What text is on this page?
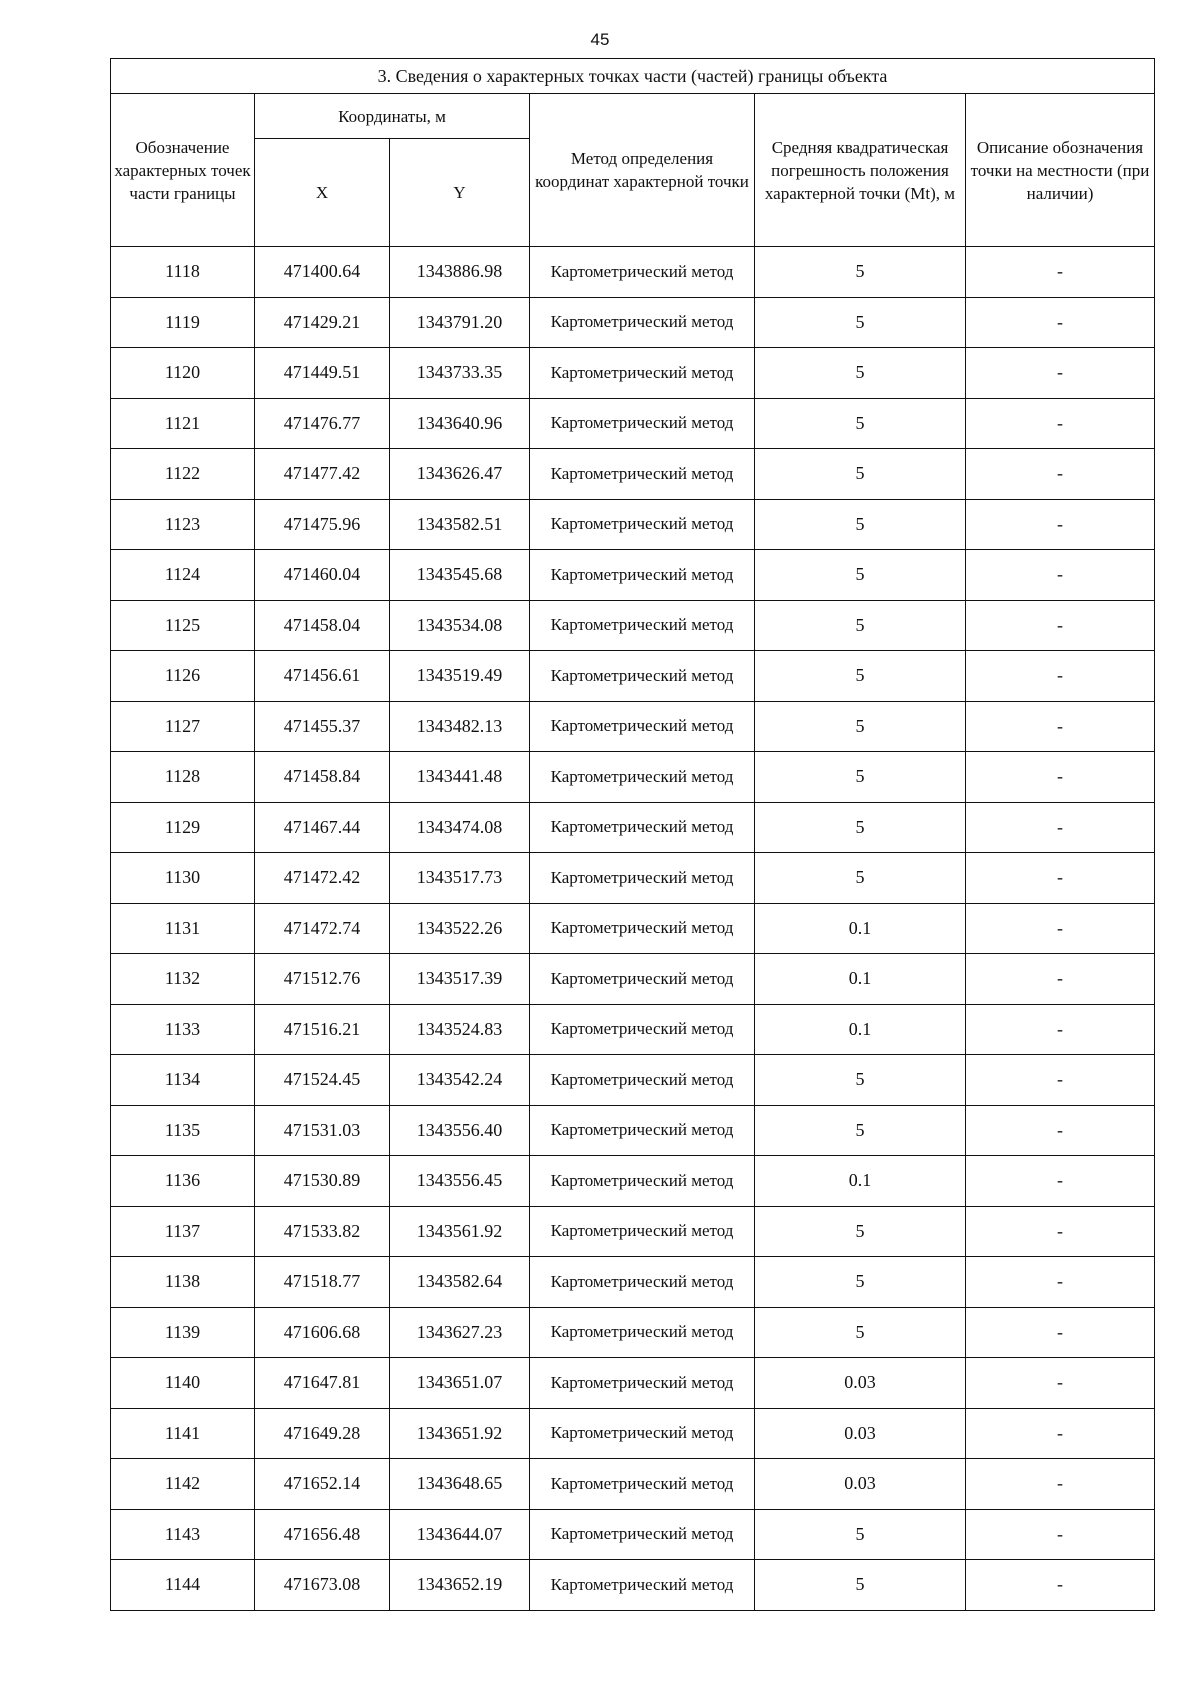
45
3. Сведения о характерных точках части (частей) границы объекта					
Обозначение характерных точек части границы	Координаты, м		Метод определения координат характерной точки	Средняя квадратическая погрешность положения характерной точки (Mt), м	Описание обозначения точки на местности (при наличии)
	X	Y			
1118	471400.64	1343886.98	Картометрический метод	5	-
1119	471429.21	1343791.20	Картометрический метод	5	-
1120	471449.51	1343733.35	Картометрический метод	5	-
1121	471476.77	1343640.96	Картометрический метод	5	-
1122	471477.42	1343626.47	Картометрический метод	5	-
1123	471475.96	1343582.51	Картометрический метод	5	-
1124	471460.04	1343545.68	Картометрический метод	5	-
1125	471458.04	1343534.08	Картометрический метод	5	-
1126	471456.61	1343519.49	Картометрический метод	5	-
1127	471455.37	1343482.13	Картометрический метод	5	-
1128	471458.84	1343441.48	Картометрический метод	5	-
1129	471467.44	1343474.08	Картометрический метод	5	-
1130	471472.42	1343517.73	Картометрический метод	5	-
1131	471472.74	1343522.26	Картометрический метод	0.1	-
1132	471512.76	1343517.39	Картометрический метод	0.1	-
1133	471516.21	1343524.83	Картометрический метод	0.1	-
1134	471524.45	1343542.24	Картометрический метод	5	-
1135	471531.03	1343556.40	Картометрический метод	5	-
1136	471530.89	1343556.45	Картометрический метод	0.1	-
1137	471533.82	1343561.92	Картометрический метод	5	-
1138	471518.77	1343582.64	Картометрический метод	5	-
1139	471606.68	1343627.23	Картометрический метод	5	-
1140	471647.81	1343651.07	Картометрический метод	0.03	-
1141	471649.28	1343651.92	Картометрический метод	0.03	-
1142	471652.14	1343648.65	Картометрический метод	0.03	-
1143	471656.48	1343644.07	Картометрический метод	5	-
1144	471673.08	1343652.19	Картометрический метод	5	-
